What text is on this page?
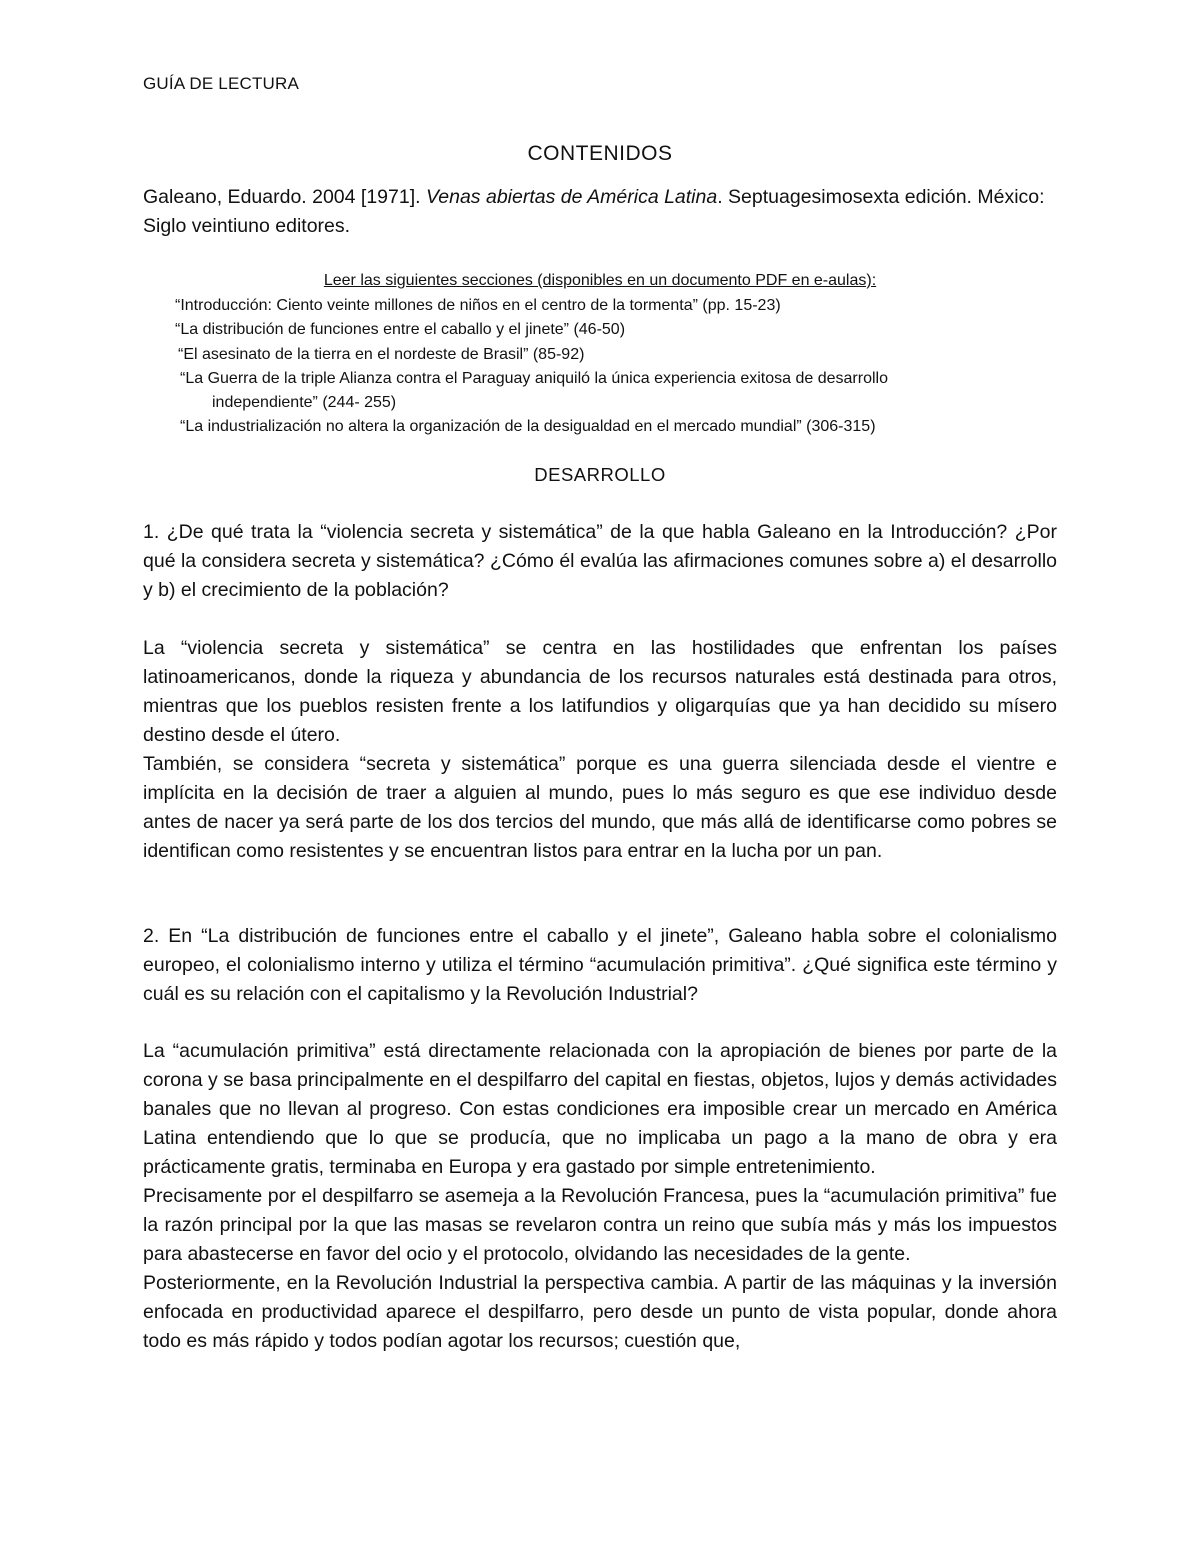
GUÍA DE LECTURA
CONTENIDOS
Galeano, Eduardo. 2004 [1971]. Venas abiertas de América Latina. Septuagesimosexta edición. México: Siglo veintiuno editores.
Leer las siguientes secciones (disponibles en un documento PDF en e-aulas):
“Introducción: Ciento veinte millones de niños en el centro de la tormenta” (pp. 15-23)
“La distribución de funciones entre el caballo y el jinete” (46-50)
“El asesinato de la tierra en el nordeste de Brasil” (85-92)
“La Guerra de la triple Alianza contra el Paraguay aniquiló la única experiencia exitosa de desarrollo
independiente” (244- 255)
“La industrialización no altera la organización de la desigualdad en el mercado mundial” (306-315)
DESARROLLO

1. ¿De qué trata la “violencia secreta y sistemática” de la que habla Galeano en la Introducción? ¿Por qué la considera secreta y sistemática? ¿Cómo él evalúa las afirmaciones comunes sobre a) el desarrollo y b) el crecimiento de la población?

La “violencia secreta y sistemática” se centra en las hostilidades que enfrentan los países latinoamericanos, donde la riqueza y abundancia de los recursos naturales está destinada para otros, mientras que los pueblos resisten frente a los latifundios y oligarquías que ya han decidido su mísero destino desde el útero.

También, se considera “secreta y sistemática” porque es una guerra silenciada desde el vientre e implícita en la decisión de traer a alguien al mundo, pues lo más seguro es que ese individuo desde antes de nacer ya será parte de los dos tercios del mundo, que más allá de identificarse como pobres se identifican como resistentes y se encuentran listos para entrar en la lucha por un pan.

2. En “La distribución de funciones entre el caballo y el jinete”, Galeano habla sobre el colonialismo europeo, el colonialismo interno y utiliza el término “acumulación primitiva”. ¿Qué significa este término y cuál es su relación con el capitalismo y la Revolución Industrial?

La “acumulación primitiva” está directamente relacionada con la apropiación de bienes por parte de la corona y se basa principalmente en el despilfarro del capital en fiestas, objetos, lujos y demás actividades banales que no llevan al progreso. Con estas condiciones era imposible crear un mercado en América Latina entendiendo que lo que se producía, que no implicaba un pago a la mano de obra y era prácticamente gratis, terminaba en Europa y era gastado por simple entretenimiento.

Precisamente por el despilfarro se asemeja a la Revolución Francesa, pues la “acumulación primitiva” fue la razón principal por la que las masas se revelaron contra un reino que subía más y más los impuestos para abastecerse en favor del ocio y el protocolo, olvidando las necesidades de la gente.

Posteriormente, en la Revolución Industrial la perspectiva cambia. A partir de las máquinas y la inversión enfocada en productividad aparece el despilfarro, pero desde un punto de vista popular, donde ahora todo es más rápido y todos podían agotar los recursos; cuestión que,
